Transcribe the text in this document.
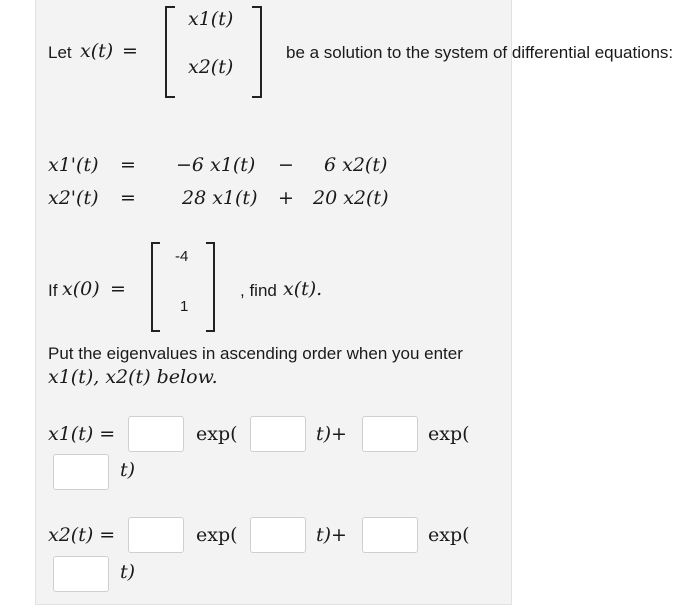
Let x(t) =
x1(t)
x2(t)
be a solution to the system of differential equations:
x1'(t) = −6 x1(t) − 6 x2(t)
x2'(t) = 28 x1(t) + 20 x2(t)
If x(0) =
-4
1
, find x(t).
Put the eigenvalues in ascending order when you enter
x1(t), x2(t) below.
x1(t) =	exp(	t)+	exp(
t)
x2(t) =	exp(	t)+	exp(
t)
